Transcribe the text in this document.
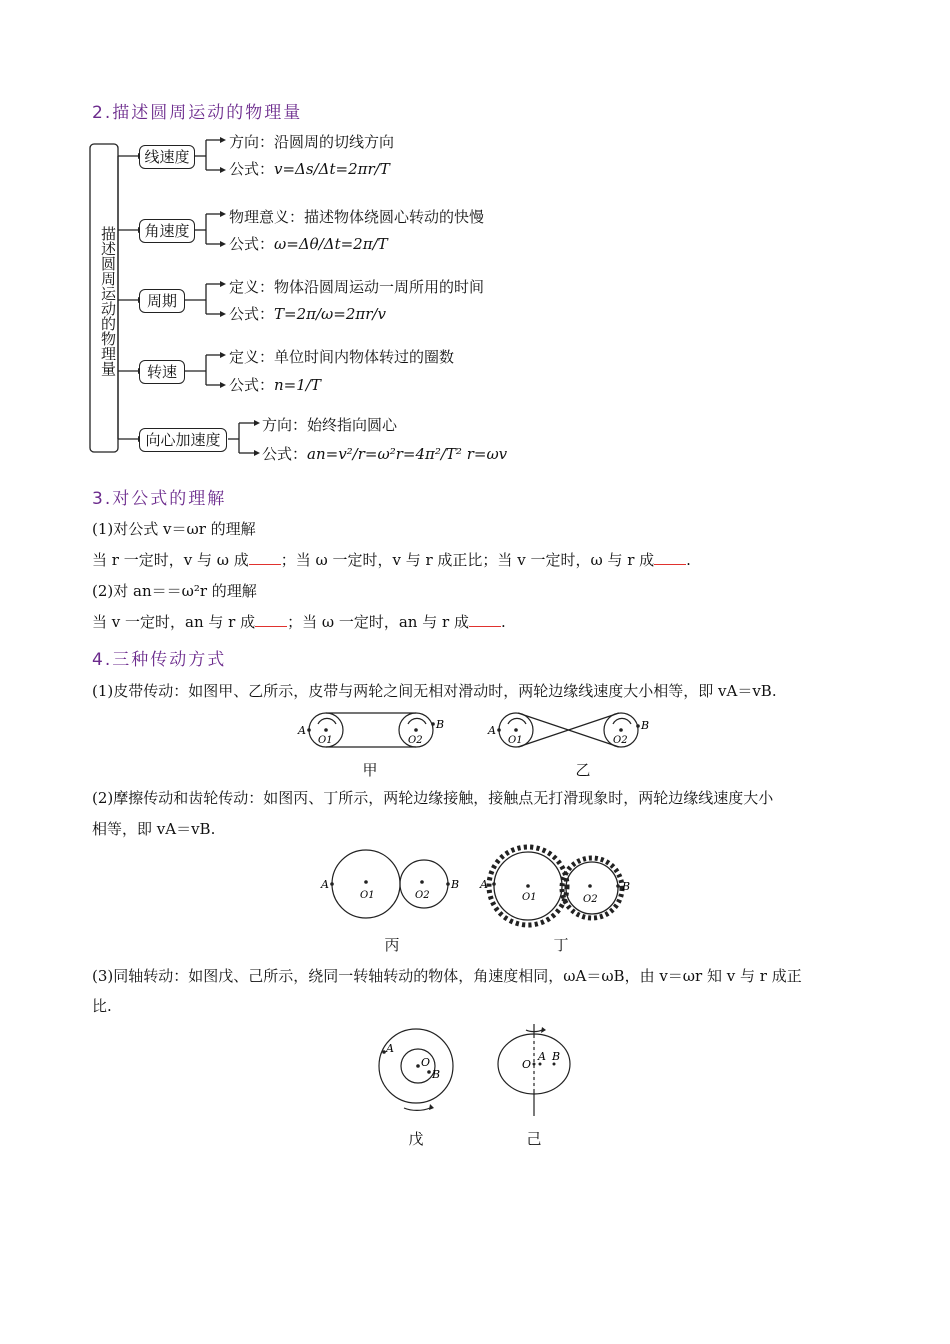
2.描述圆周运动的物理量
描述圆周运动的物理量
线速度
角速度
周期
转速
向心加速度
方向：沿圆周的切线方向
公式：v=Δs/Δt=2πr/T
物理意义：描述物体绕圆心转动的快慢
公式：ω=Δθ/Δt=2π/T
定义：物体沿圆周运动一周所用的时间
公式：T=2π/ω=2πr/v
定义：单位时间内物体转过的圈数
公式：n=1/T
方向：始终指向圆心
公式：an=v²/r=ω²r=4π²/T² r=ωv
3.对公式的理解
(1)对公式 v＝ωr 的理解
当 r 一定时，v 与 ω 成 ；当 ω 一定时，v 与 r 成正比；当 v 一定时，ω 与 r 成 .
(2)对 an＝＝ω²r 的理解
当 v 一定时，an 与 r 成 ；当 ω 一定时，an 与 r 成 .
4.三种传动方式
(1)皮带传动：如图甲、乙所示，皮带与两轮之间无相对滑动时，两轮边缘线速度大小相等，即 vA＝vB.
A	B
O1	O2
甲
A	B
O1	O2
乙
(2)摩擦传动和齿轮传动：如图丙、丁所示，两轮边缘接触，接触点无打滑现象时，两轮边缘线速度大小
相等，即 vA＝vB.
A	B
O1	O2
丙
A	B
O1	O2
丁
(3)同轴转动：如图戊、己所示，绕同一转轴转动的物体，角速度相同，ωA＝ωB，由 v＝ωr 知 v 与 r 成正
比.
A
O
B
戊
O
A B
己
